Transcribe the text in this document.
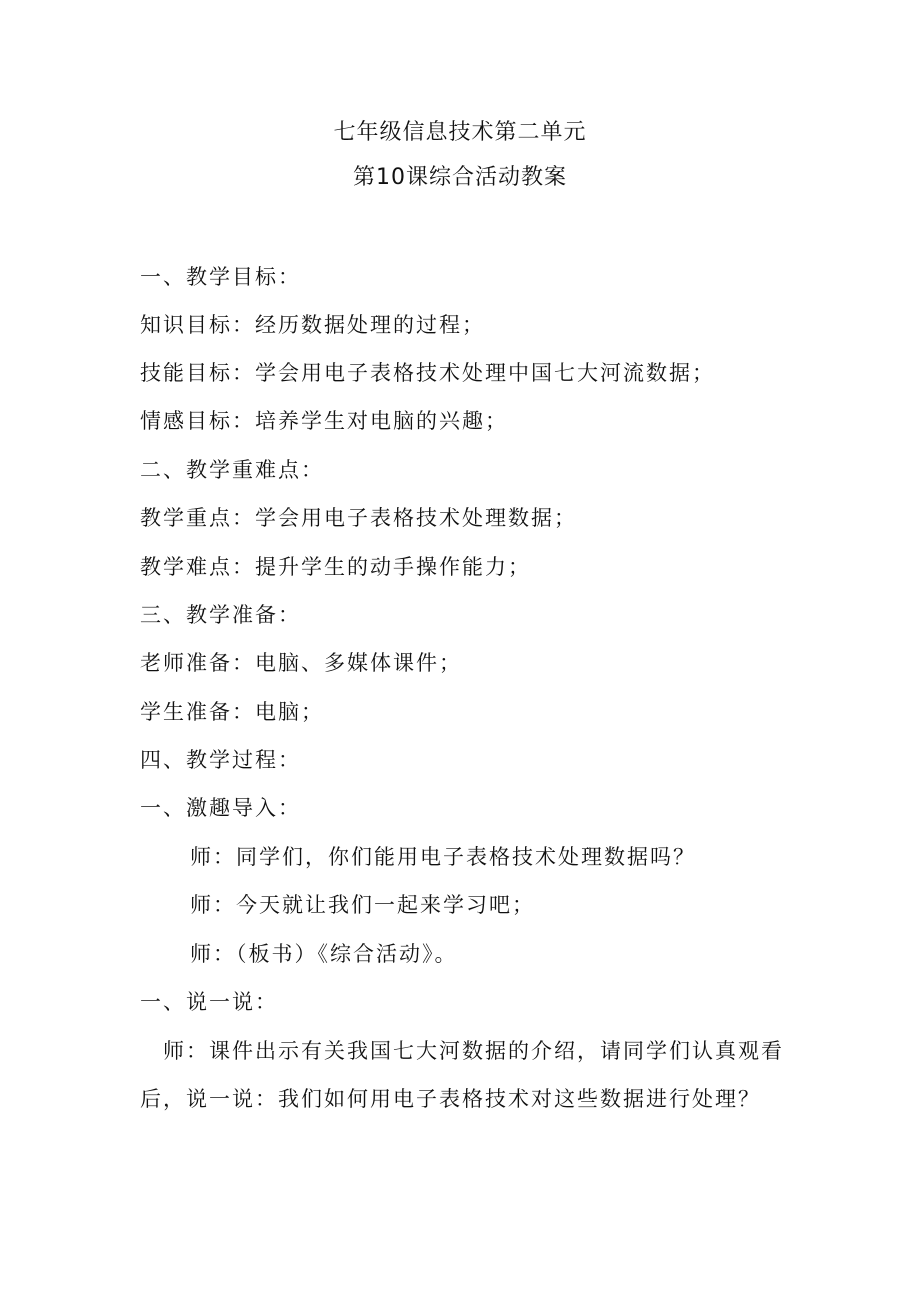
七年级信息技术第二单元
第10课综合活动教案
一、教学目标：
知识目标：经历数据处理的过程；
技能目标：学会用电子表格技术处理中国七大河流数据；
情感目标：培养学生对电脑的兴趣；
二、教学重难点：
教学重点：学会用电子表格技术处理数据；
教学难点：提升学生的动手操作能力；
三、教学准备：
老师准备：电脑、多媒体课件；
学生准备：电脑；
四、教学过程：
一、激趣导入：
师：同学们，你们能用电子表格技术处理数据吗？
师：今天就让我们一起来学习吧；
师：（板书）《综合活动》。
一、说一说：
师：课件出示有关我国七大河数据的介绍，请同学们认真观看
后，说一说：我们如何用电子表格技术对这些数据进行处理？
